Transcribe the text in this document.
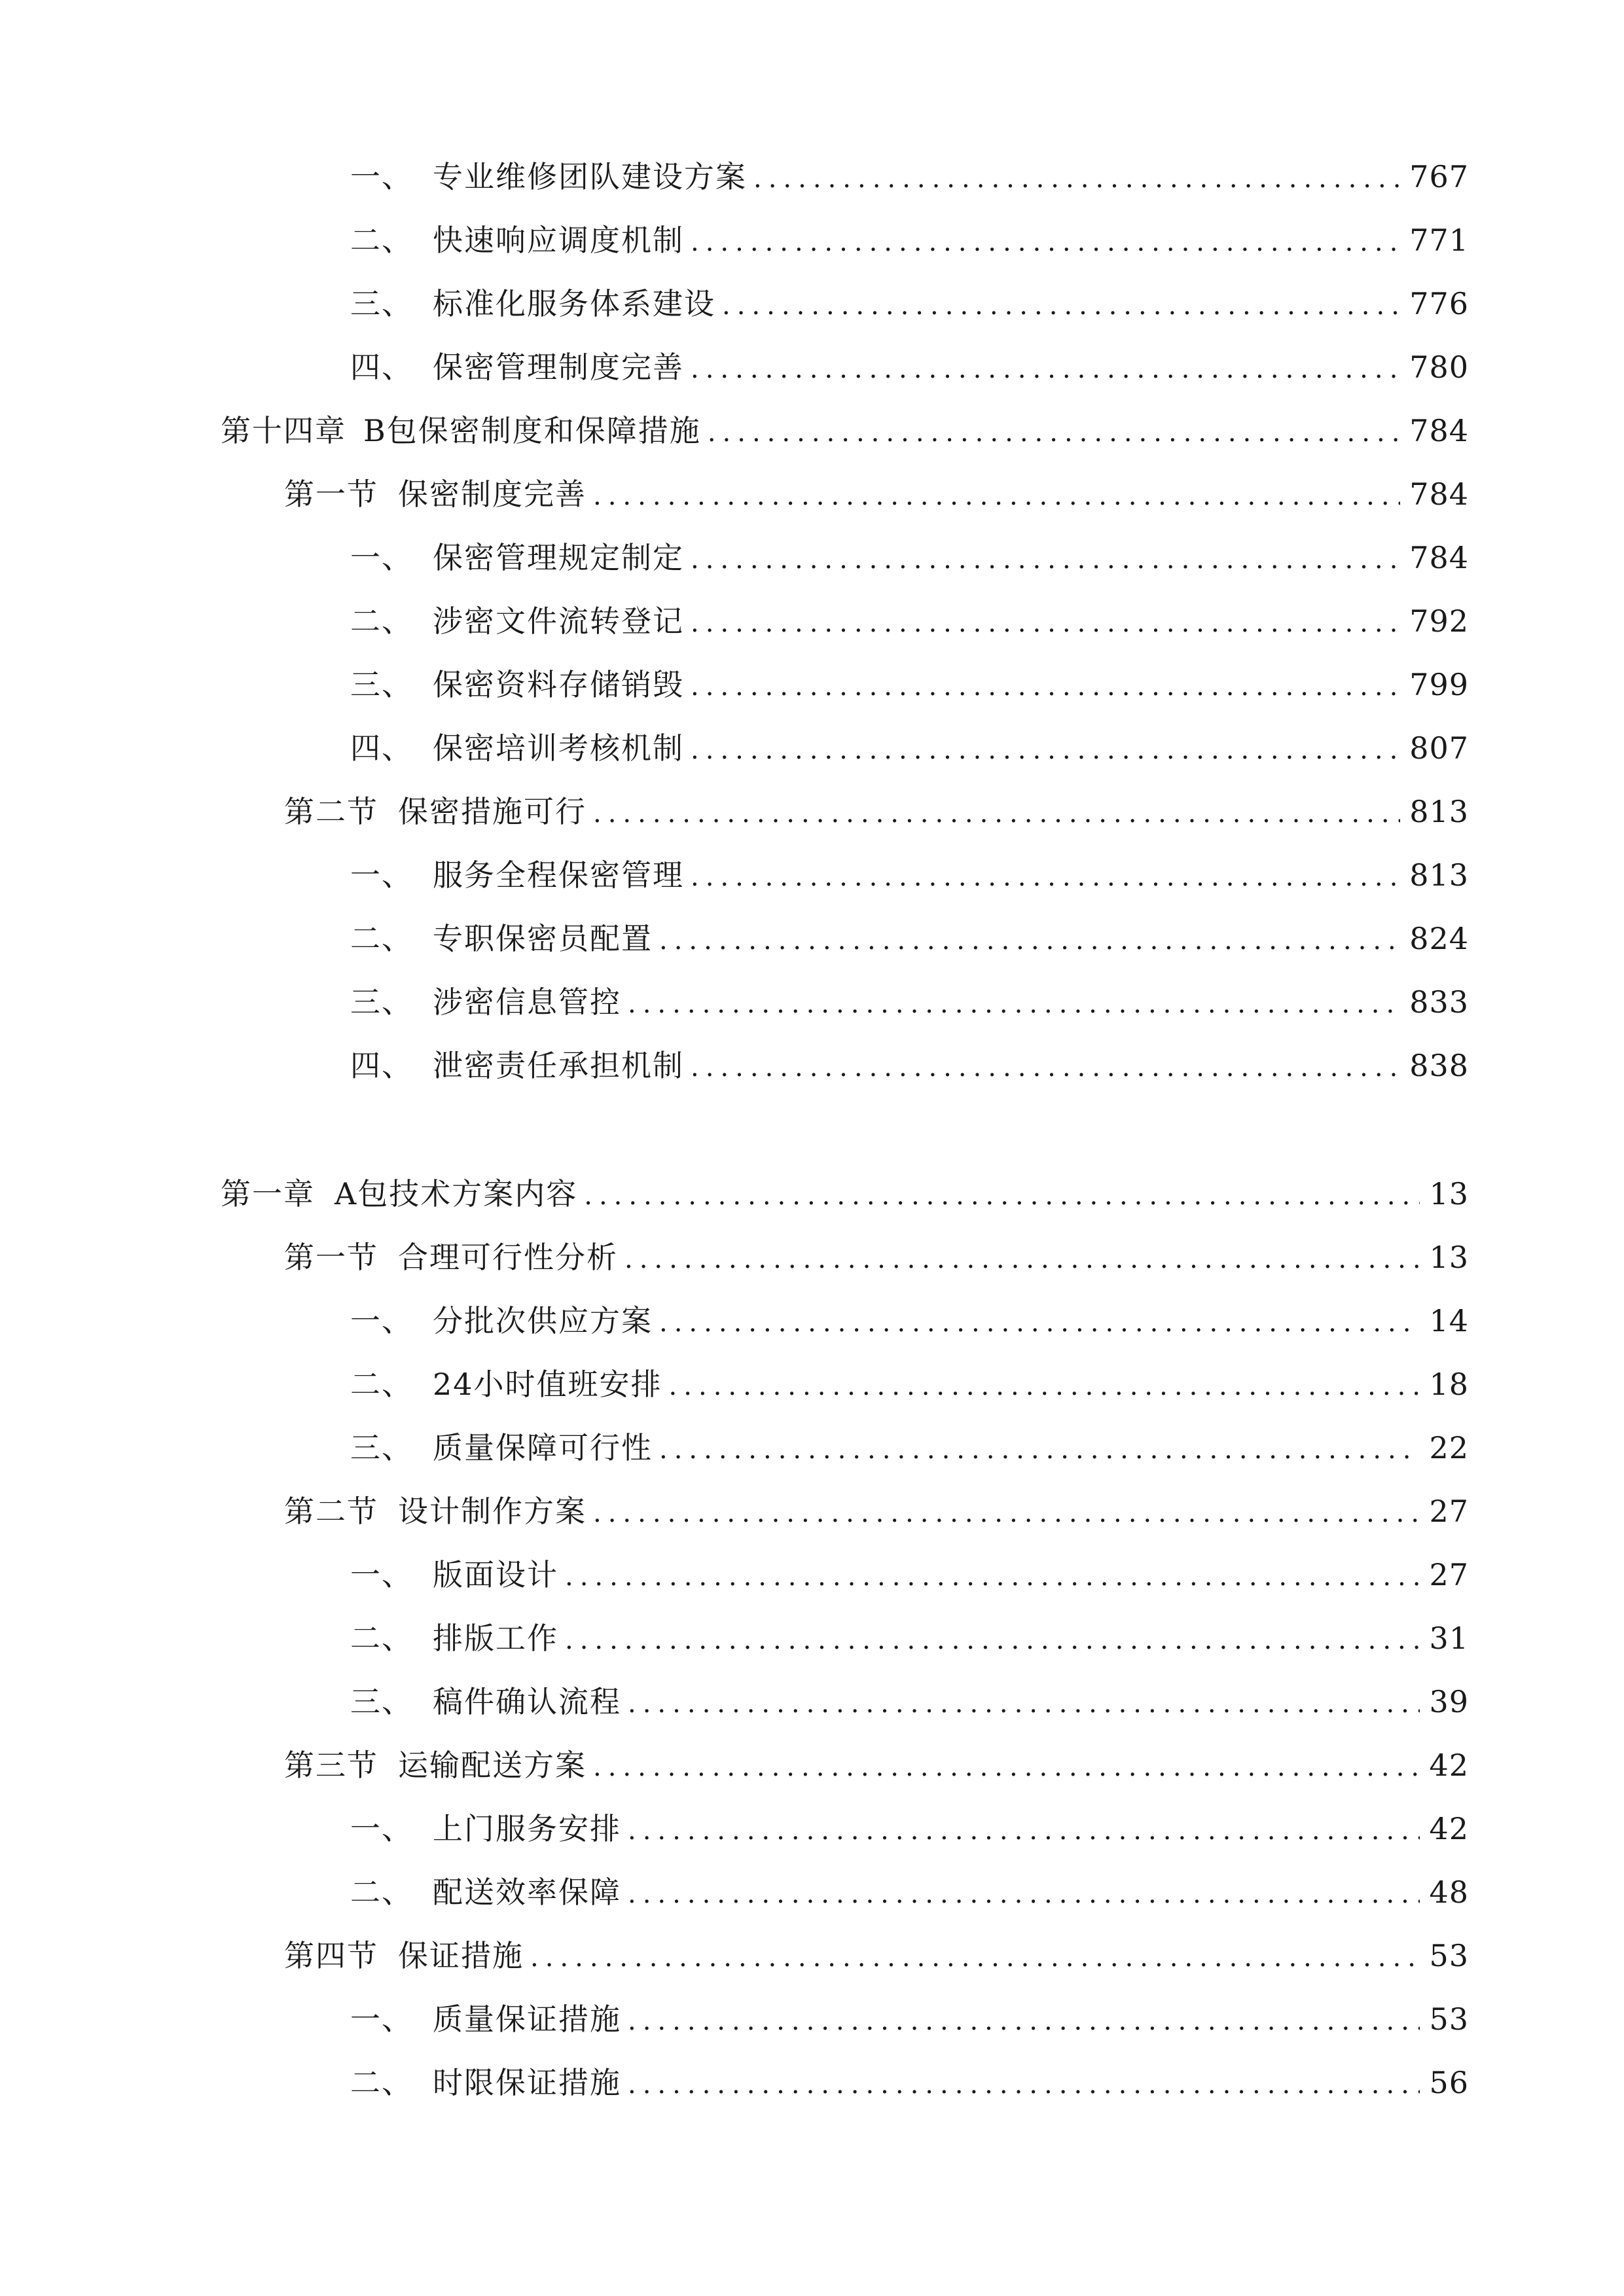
一、 专业维修团队建设方案 .....	767
二、 快速响应调度机制 .....	771
三、 标准化服务体系建设 .....	776
四、 保密管理制度完善 .....	780
第十四章 B包保密制度和保障措施 .....	784
第一节 保密制度完善 .....	784
一、 保密管理规定制定 .....	784
二、 涉密文件流转登记 .....	792
三、 保密资料存储销毁 .....	799
四、 保密培训考核机制 .....	807
第二节 保密措施可行 .....	813
一、 服务全程保密管理 .....	813
二、 专职保密员配置 .....	824
三、 涉密信息管控 .....	833
四、 泄密责任承担机制 .....	838
第一章 A包技术方案内容 .....	13
第一节 合理可行性分析 .....	13
一、 分批次供应方案 .....	14
二、 24小时值班安排 .....	18
三、 质量保障可行性 .....	22
第二节 设计制作方案 .....	27
一、 版面设计 .....	27
二、 排版工作 .....	31
三、 稿件确认流程 .....	39
第三节 运输配送方案 .....	42
一、 上门服务安排 .....	42
二、 配送效率保障 .....	48
第四节 保证措施 .....	53
一、 质量保证措施 .....	53
二、 时限保证措施 .....	56
